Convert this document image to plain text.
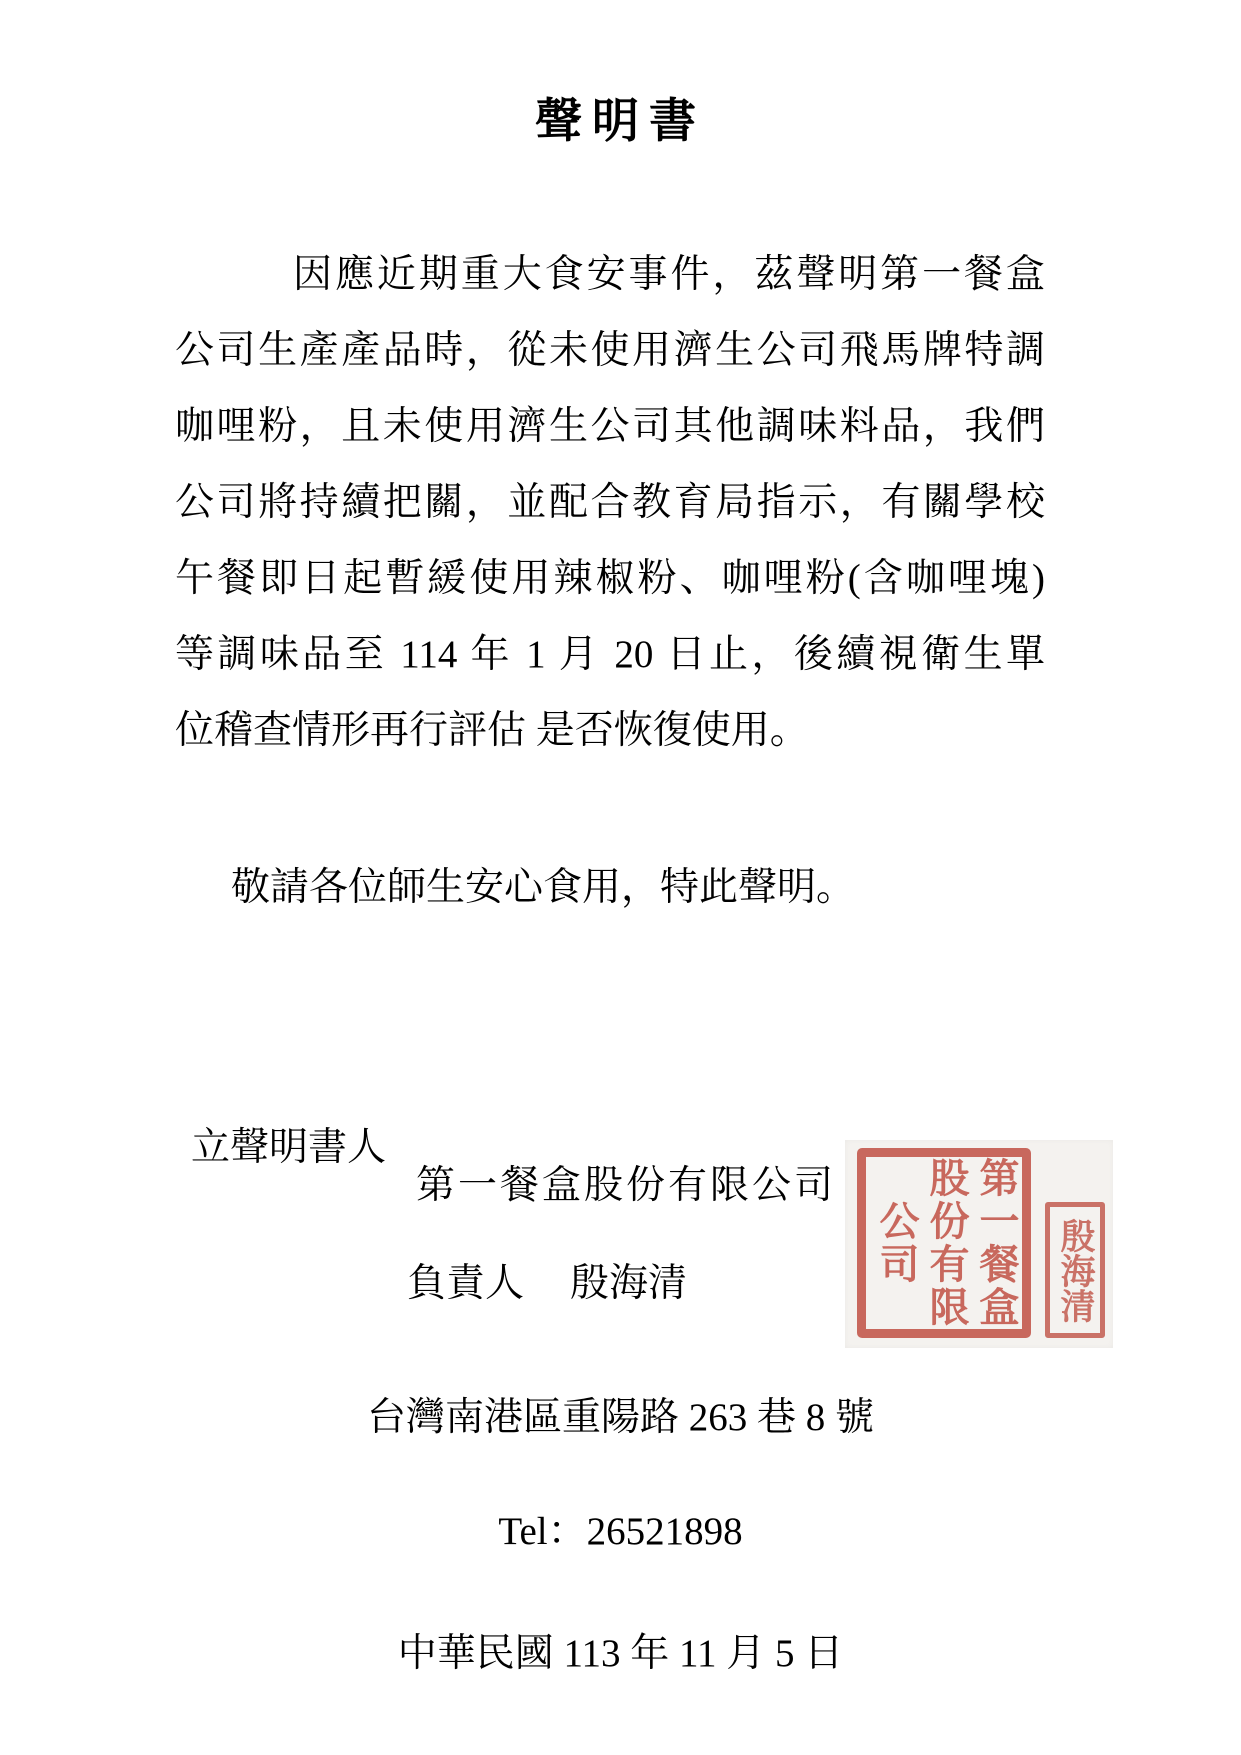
聲明書
因應近期重大食安事件，茲聲明第一餐盒
公司生產產品時，從未使用濟生公司飛馬牌特調
咖哩粉，且未使用濟生公司其他調味料品，我們
公司將持續把關，並配合教育局指示，有關學校
午餐即日起暫緩使用辣椒粉、咖哩粉(含咖哩塊)
等調味品至 114 年 1 月 20 日止，後續視衛生單
位稽查情形再行評估 是否恢復使用。
敬請各位師生安心食用，特此聲明。
立聲明書人
第一餐盒股份有限公司
負責人 殷海清	第一餐盒股份有限公司	殷海清
台灣南港區重陽路 263 巷 8 號
Tel：26521898
中華民國 113 年 11 月 5 日
